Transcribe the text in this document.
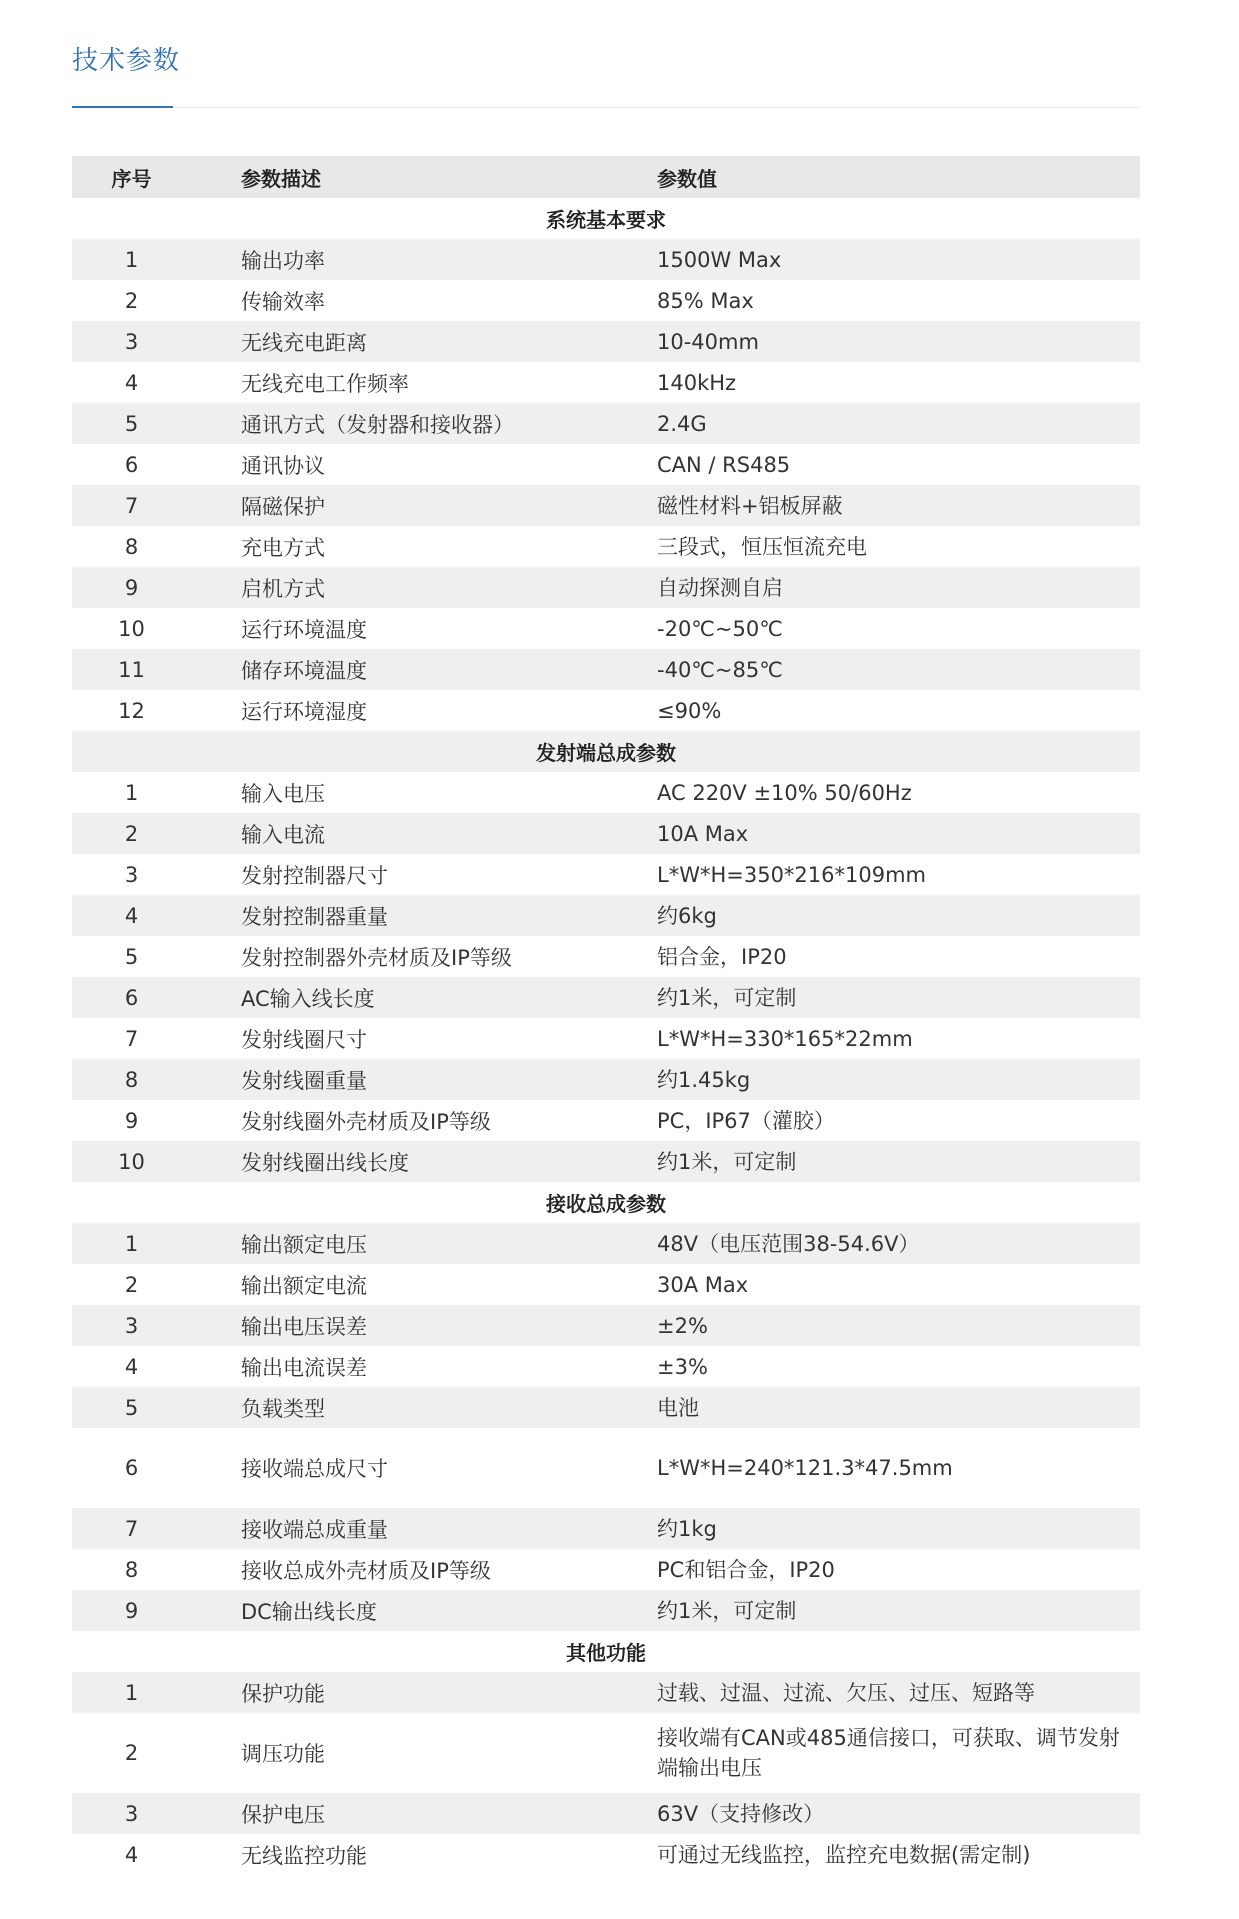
技术参数
序号	参数描述	参数值
系统基本要求		
1	输出功率	1500W Max
2	传输效率	85% Max
3	无线充电距离	10-40mm
4	无线充电工作频率	140kHz
5	通讯方式（发射器和接收器）	2.4G
6	通讯协议	CAN / RS485
7	隔磁保护	磁性材料+铝板屏蔽
8	充电方式	三段式，恒压恒流充电
9	启机方式	自动探测自启
10	运行环境温度	-20℃~50℃
11	储存环境温度	-40℃~85℃
12	运行环境湿度	≤90%
发射端总成参数		
1	输入电压	AC 220V ±10% 50/60Hz
2	输入电流	10A Max
3	发射控制器尺寸	L*W*H=350*216*109mm
4	发射控制器重量	约6kg
5	发射控制器外壳材质及IP等级	铝合金，IP20
6	AC输入线长度	约1米，可定制
7	发射线圈尺寸	L*W*H=330*165*22mm
8	发射线圈重量	约1.45kg
9	发射线圈外壳材质及IP等级	PC，IP67（灌胶）
10	发射线圈出线长度	约1米，可定制
接收总成参数		
1	输出额定电压	48V（电压范围38-54.6V）
2	输出额定电流	30A Max
3	输出电压误差	±2%
4	输出电流误差	±3%
5	负载类型	电池
6	接收端总成尺寸	L*W*H=240*121.3*47.5mm
7	接收端总成重量	约1kg
8	接收总成外壳材质及IP等级	PC和铝合金，IP20
9	DC输出线长度	约1米，可定制
其他功能		
1	保护功能	过载、过温、过流、欠压、过压、短路等
2	调压功能	接收端有CAN或485通信接口，可获取、调节发射端输出电压
3	保护电压	63V（支持修改）
4	无线监控功能	可通过无线监控，监控充电数据(需定制)
